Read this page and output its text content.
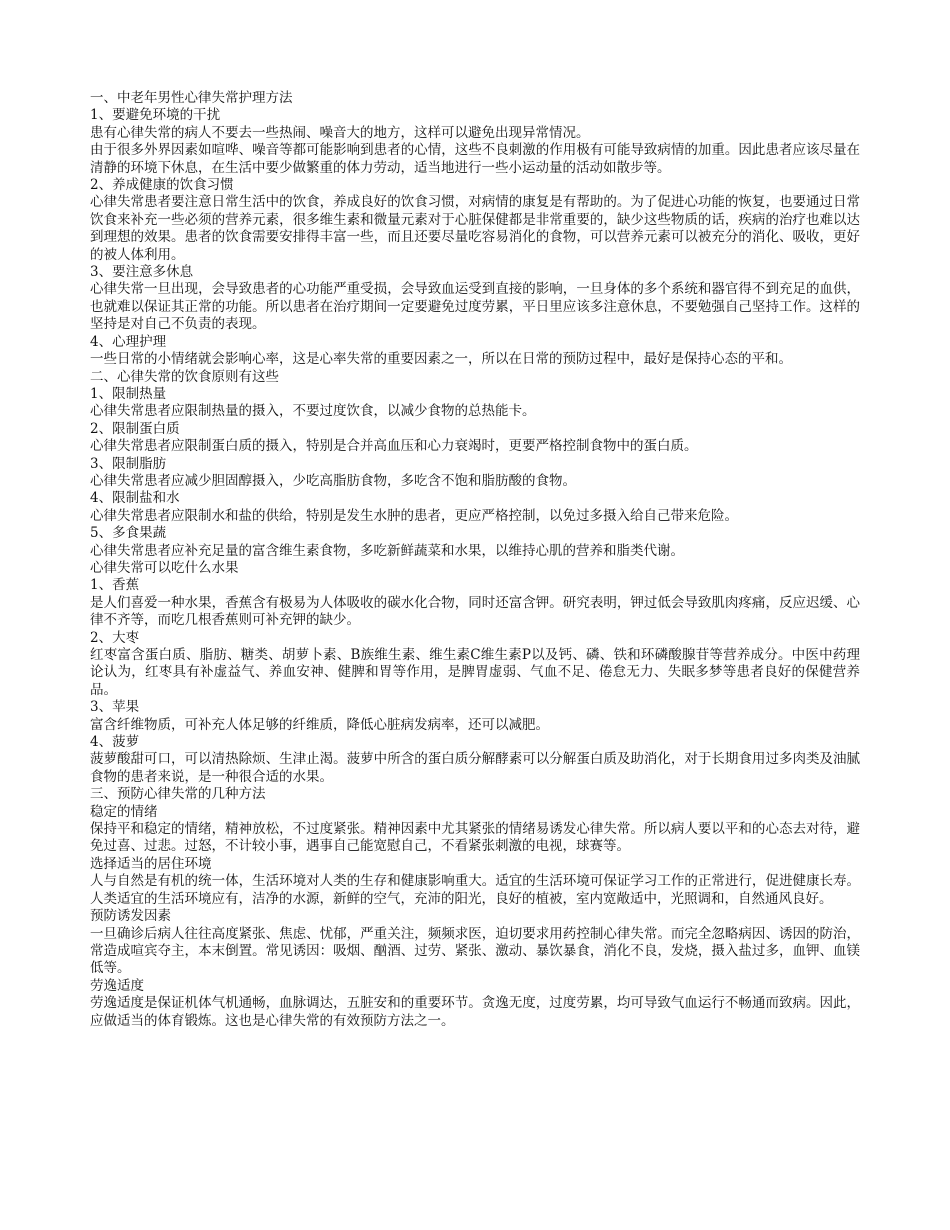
一、中老年男性心律失常护理方法
1、要避免环境的干扰
患有心律失常的病人不要去一些热闹、噪音大的地方，这样可以避免出现异常情况。
由于很多外界因素如喧哗、噪音等都可能影响到患者的心情，这些不良刺激的作用极有可能导致病情的加重。因此患者应该尽量在清静的环境下休息，在生活中要少做繁重的体力劳动，适当地进行一些小运动量的活动如散步等。
2、养成健康的饮食习惯
心律失常患者要注意日常生活中的饮食，养成良好的饮食习惯，对病情的康复是有帮助的。为了促进心功能的恢复，也要通过日常饮食来补充一些必须的营养元素，很多维生素和微量元素对于心脏保健都是非常重要的，缺少这些物质的话，疾病的治疗也难以达到理想的效果。患者的饮食需要安排得丰富一些，而且还要尽量吃容易消化的食物，可以营养元素可以被充分的消化、吸收，更好的被人体利用。
3、要注意多休息
心律失常一旦出现，会导致患者的心功能严重受损，会导致血运受到直接的影响，一旦身体的多个系统和器官得不到充足的血供，也就难以保证其正常的功能。所以患者在治疗期间一定要避免过度劳累，平日里应该多注意休息，不要勉强自己坚持工作。这样的坚持是对自己不负责的表现。
4、心理护理
一些日常的小情绪就会影响心率，这是心率失常的重要因素之一，所以在日常的预防过程中，最好是保持心态的平和。
二、心律失常的饮食原则有这些
1、限制热量
心律失常患者应限制热量的摄入，不要过度饮食，以减少食物的总热能卡。
2、限制蛋白质
心律失常患者应限制蛋白质的摄入，特别是合并高血压和心力衰竭时，更要严格控制食物中的蛋白质。
3、限制脂肪
心律失常患者应减少胆固醇摄入，少吃高脂肪食物，多吃含不饱和脂肪酸的食物。
4、限制盐和水
心律失常患者应限制水和盐的供给，特别是发生水肿的患者，更应严格控制，以免过多摄入给自己带来危险。
5、多食果蔬
心律失常患者应补充足量的富含维生素食物，多吃新鲜蔬菜和水果，以维持心肌的营养和脂类代谢。
心律失常可以吃什么水果
1、香蕉
是人们喜爱一种水果，香蕉含有极易为人体吸收的碳水化合物，同时还富含钾。研究表明，钾过低会导致肌肉疼痛，反应迟缓、心律不齐等，而吃几根香蕉则可补充钾的缺少。
2、大枣
红枣富含蛋白质、脂肪、糖类、胡萝卜素、B族维生素、维生素C维生素P以及钙、磷、铁和环磷酸腺苷等营养成分。中医中药理论认为，红枣具有补虚益气、养血安神、健脾和胃等作用，是脾胃虚弱、气血不足、倦怠无力、失眠多梦等患者良好的保健营养品。
3、苹果
富含纤维物质，可补充人体足够的纤维质，降低心脏病发病率，还可以减肥。
4、菠萝
菠萝酸甜可口，可以清热除烦、生津止渴。菠萝中所含的蛋白质分解酵素可以分解蛋白质及助消化，对于长期食用过多肉类及油腻食物的患者来说，是一种很合适的水果。
三、预防心律失常的几种方法
稳定的情绪
保持平和稳定的情绪，精神放松，不过度紧张。精神因素中尤其紧张的情绪易诱发心律失常。所以病人要以平和的心态去对待，避免过喜、过悲。过怒，不计较小事，遇事自己能宽慰自己，不看紧张刺激的电视，球赛等。
选择适当的居住环境
人与自然是有机的统一体，生活环境对人类的生存和健康影响重大。适宜的生活环境可保证学习工作的正常进行，促进健康长寿。人类适宜的生活环境应有，洁净的水源，新鲜的空气，充沛的阳光，良好的植被，室内宽敞适中，光照调和，自然通风良好。
预防诱发因素
一旦确诊后病人往往高度紧张、焦虑、忧郁，严重关注，频频求医，迫切要求用药控制心律失常。而完全忽略病因、诱因的防治，常造成喧宾夺主，本末倒置。常见诱因：吸烟、酗酒、过劳、紧张、激动、暴饮暴食，消化不良，发烧，摄入盐过多，血钾、血镁低等。
劳逸适度
劳逸适度是保证机体气机通畅，血脉调达，五脏安和的重要环节。贪逸无度，过度劳累，均可导致气血运行不畅通而致病。因此，应做适当的体育锻炼。这也是心律失常的有效预防方法之一。
